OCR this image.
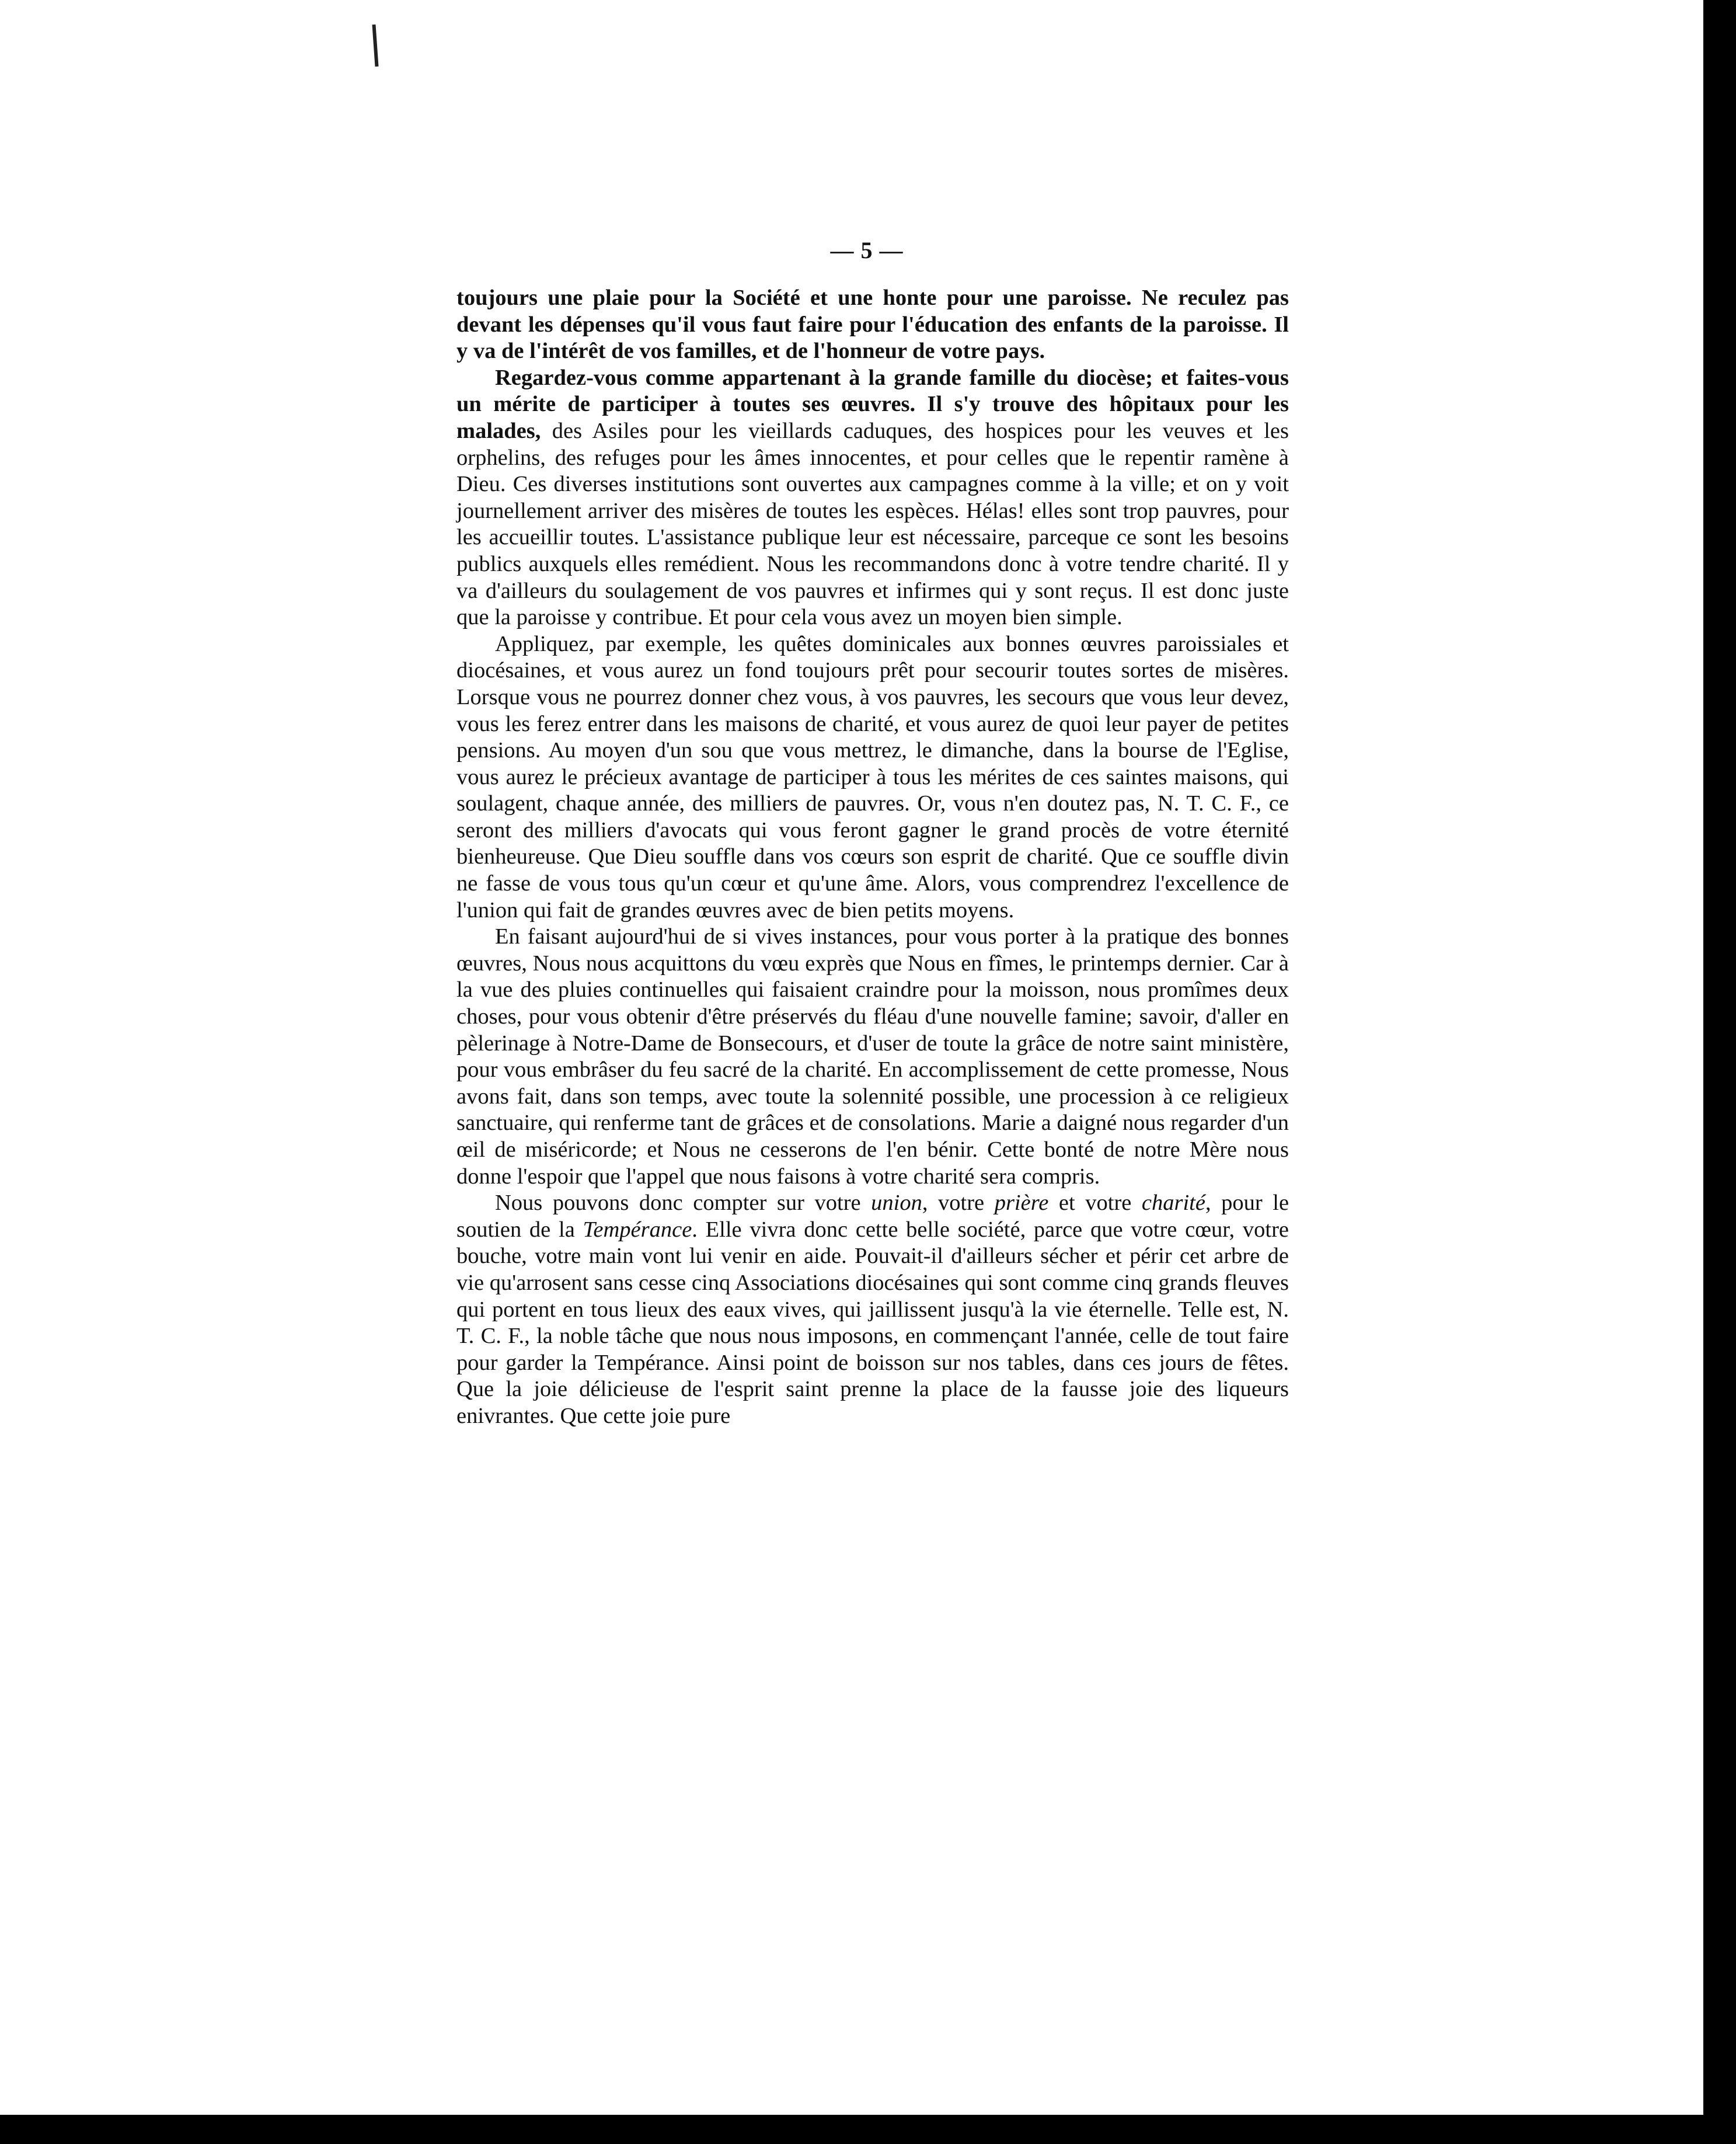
— 5 —

toujours une plaie pour la Société et une honte pour une paroisse. Ne reculez pas devant les dépenses qu'il vous faut faire pour l'éducation des enfants de la paroisse. Il y va de l'intérêt de vos familles, et de l'honneur de votre pays.

Regardez-vous comme appartenant à la grande famille du diocèse; et faites-vous un mérite de participer à toutes ses œuvres. Il s'y trouve des hôpitaux pour les malades, des Asiles pour les vieillards caduques, des hospices pour les veuves et les orphelins, des refuges pour les âmes innocentes, et pour celles que le repentir ramène à Dieu. Ces diverses institutions sont ouvertes aux campagnes comme à la ville; et on y voit journellement arriver des misères de toutes les espèces. Hélas! elles sont trop pauvres, pour les accueillir toutes. L'assistance publique leur est nécessaire, parceque ce sont les besoins publics auxquels elles remédient. Nous les recommandons donc à votre tendre charité. Il y va d'ailleurs du soulagement de vos pauvres et infirmes qui y sont reçus. Il est donc juste que la paroisse y contribue. Et pour cela vous avez un moyen bien simple.

Appliquez, par exemple, les quêtes dominicales aux bonnes œuvres paroissiales et diocésaines, et vous aurez un fond toujours prêt pour secourir toutes sortes de misères. Lorsque vous ne pourrez donner chez vous, à vos pauvres, les secours que vous leur devez, vous les ferez entrer dans les maisons de charité, et vous aurez de quoi leur payer de petites pensions. Au moyen d'un sou que vous mettrez, le dimanche, dans la bourse de l'Eglise, vous aurez le précieux avantage de participer à tous les mérites de ces saintes maisons, qui soulagent, chaque année, des milliers de pauvres. Or, vous n'en doutez pas, N. T. C. F., ce seront des milliers d'avocats qui vous feront gagner le grand procès de votre éternité bienheureuse. Que Dieu souffle dans vos cœurs son esprit de charité. Que ce souffle divin ne fasse de vous tous qu'un cœur et qu'une âme. Alors, vous comprendrez l'excellence de l'union qui fait de grandes œuvres avec de bien petits moyens.

En faisant aujourd'hui de si vives instances, pour vous porter à la pratique des bonnes œuvres, Nous nous acquittons du vœu exprès que Nous en fîmes, le printemps dernier. Car à la vue des pluies continuelles qui faisaient craindre pour la moisson, nous promîmes deux choses, pour vous obtenir d'être préservés du fléau d'une nouvelle famine; savoir, d'aller en pèlerinage à Notre-Dame de Bonsecours, et d'user de toute la grâce de notre saint ministère, pour vous embrâser du feu sacré de la charité. En accomplissement de cette promesse, Nous avons fait, dans son temps, avec toute la solennité possible, une procession à ce religieux sanctuaire, qui renferme tant de grâces et de consolations. Marie a daigné nous regarder d'un œil de miséricorde; et Nous ne cesserons de l'en bénir. Cette bonté de notre Mère nous donne l'espoir que l'appel que nous faisons à votre charité sera compris.

Nous pouvons donc compter sur votre union, votre prière et votre charité, pour le soutien de la Tempérance. Elle vivra donc cette belle société, parce que votre cœur, votre bouche, votre main vont lui venir en aide. Pouvait-il d'ailleurs sécher et périr cet arbre de vie qu'arrosent sans cesse cinq Associations diocésaines qui sont comme cinq grands fleuves qui portent en tous lieux des eaux vives, qui jaillissent jusqu'à la vie éternelle. Telle est, N. T. C. F., la noble tâche que nous nous imposons, en commençant l'année, celle de tout faire pour garder la Tempérance. Ainsi point de boisson sur nos tables, dans ces jours de fêtes. Que la joie délicieuse de l'esprit saint prenne la place de la fausse joie des liqueurs enivrantes. Que cette joie pure
